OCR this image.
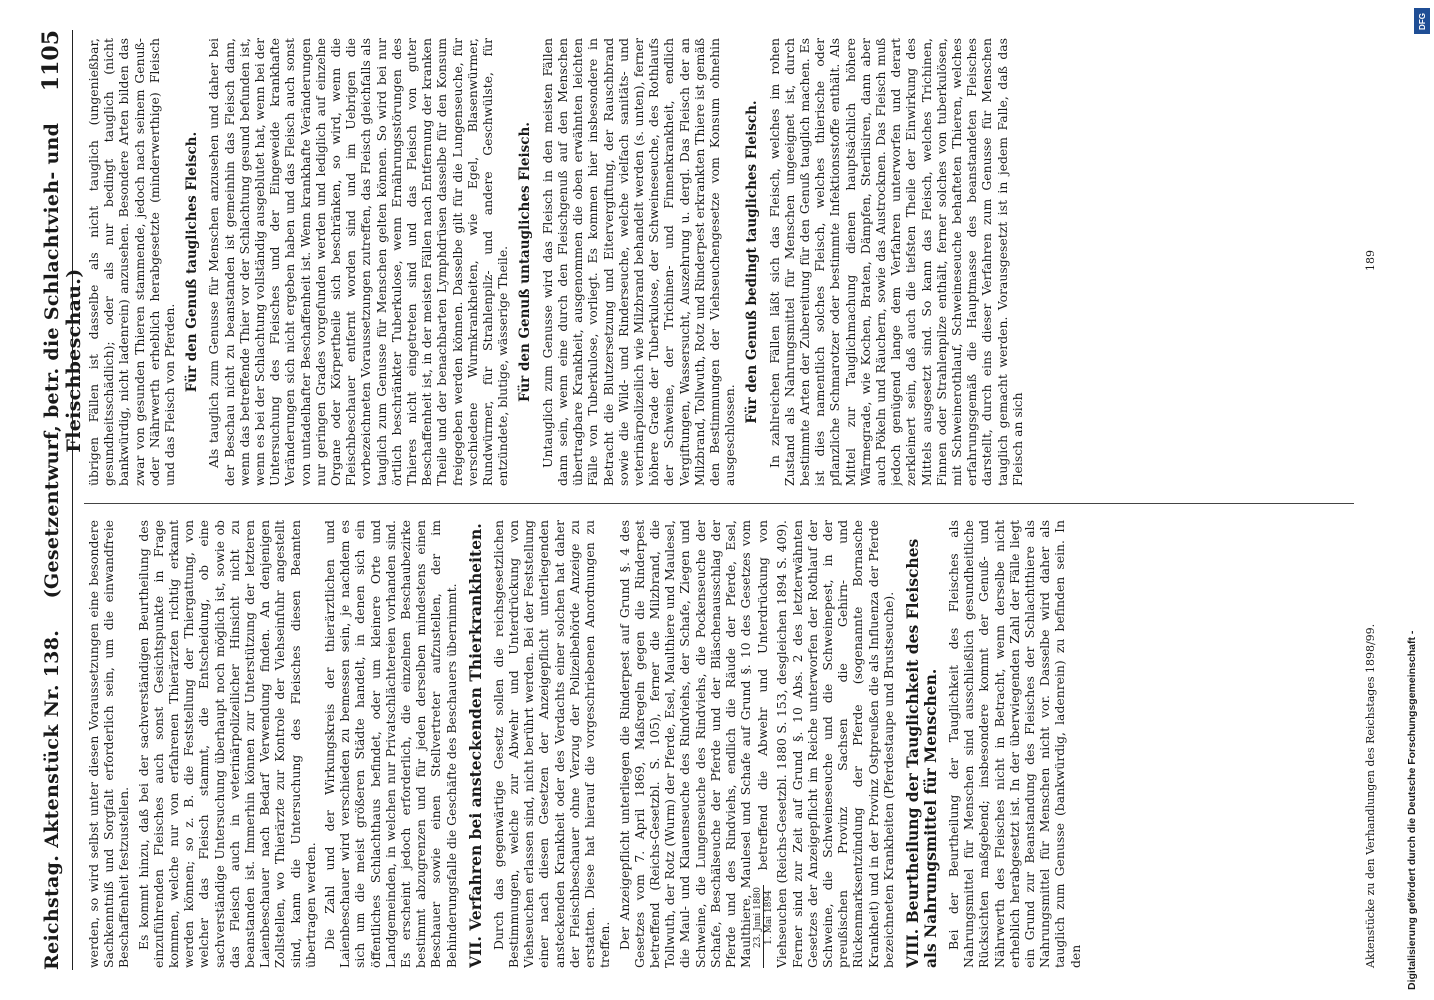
Reichstag. Aktenstück Nr. 138.
(Gesetzentwurf, betr. die Schlachtvieh- und Fleischbeschau.)
1105

werden, so wird selbst unter diesen Voraussetzungen eine besondere Sachkenntniß und Sorgfalt erforderlich sein, um die einwandfreie Beschaffenheit festzustellen. Es kommt hinzu, daß bei der sachverständigen Beurtheilung des einzuführenden Fleisches auch sonst Gesichtspunkte in Frage kommen, welche nur von erfahrenen Thierärzten richtig erkannt werden können; so z. B. die Feststellung der Thiergattung, von welcher das Fleisch stammt, die Entscheidung, ob eine sachverständige Untersuchung überhaupt noch möglich ist, sowie ob das Fleisch auch in veterinärpolizeilicher Hinsicht nicht zu beanstanden ist. Immerhin können zur Unterstützung der letzteren Laienbeschauer nach Bedarf Verwendung finden. An denjenigen Zollstellen, wo Thierärzte zur Kontrole der Viehseinfuhr angestellt sind, kann die Untersuchung des Fleisches diesen Beamten übertragen werden. Die Zahl und der Wirkungskreis der thierärztlichen und Laienbeschauer wird verschieden zu bemessen sein, je nachdem es sich um die meist größeren Städte handelt, in denen sich ein öffentliches Schlachthaus befindet, oder um kleinere Orte und Landgemeinden, in welchen nur Privatschlächtereien vorhanden sind. Es erscheint jedoch erforderlich, die einzelnen Beschaubezirke bestimmt abzugrenzen und für jeden derselben mindestens einen Beschauer sowie einen Stellvertreter aufzustellen, der im Behinderungsfalle die Geschäfte des Beschauers übernimmt. VII. Verfahren bei ansteckenden Thierkrankheiten. Durch das gegenwärtige Gesetz sollen die reichsgesetzlichen Bestimmungen, welche zur Abwehr und Unterdrückung von Viehseuchen erlassen sind, nicht berührt werden. Bei der Feststellung einer nach diesen Gesetzen der Anzeigepflicht unterliegenden ansteckenden Krankheit oder des Verdachts einer solchen hat daher der Fleischbeschauer ohne Verzug der Polizeibehörde Anzeige zu erstatten. Diese hat hierauf die vorgeschriebenen Anordnungen zu treffen. Der Anzeigepflicht unterliegen die Rinderpest auf Grund §. 4 des Gesetzes vom 7. April 1869, Maßregeln gegen die Rinderpest betreffend (Reichs-Gesetzbl. S. 105), ferner die Milzbrand, die Tollwuth, der Rotz (Wurm) der Pferde, Esel, Maulthiere und Maulesel, die Maul- und Klauenseuche des Rindviehs, der Schafe, Ziegen und Schweine, die Lungenseuche des Rindviehs, die Pockenseuche der Schafe, Beschälseuche der Pferde und der Bläschenausschlag der Pferde und des Rindviehs, endlich die Räude der Pferde, Esel, Maulthiere, Maulesel und Schafe auf Grund §. 10 des Gesetzes vom 23. Juni 1880 1. Mai 1894
betreffend die Abwehr und Unterdrückung von Viehseuchen (Reichs-Gesetzbl. 1880 S. 153, desgleichen 1894 S. 409). Ferner sind zur Zeit auf Grund §. 10 Abs. 2 des letzterwähnten Gesetzes der Anzeigepflicht im Reiche unterworfen der Rothlauf der Schweine, die Schweineseuche und die Schweinepest, in der preußischen Provinz Sachsen die Gehirn- und Rückenmarksentzündung der Pferde (sogenannte Bornasche Krankheit) und in der Provinz Ostpreußen die als Influenza der Pferde bezeichneten Krankheiten (Pferdestaupe und Brustseuche). VIII. Beurtheilung der Tauglichkeit des Fleisches als Nahrungsmittel für Menschen. Bei der Beurtheilung der Tauglichkeit des Fleisches als Nahrungsmittel für Menschen sind ausschließlich gesundheitliche Rücksichten maßgebend; insbesondere kommt der Genuß- und Nährwerth des Fleisches nicht in Betracht, wenn derselbe nicht erheblich herabgesetzt ist. In der überwiegenden Zahl der Fälle liegt ein Grund zur Beanstandung des Fleisches der Schlachtthiere als Nahrungsmittel für Menschen nicht vor. Dasselbe wird daher als tauglich zum Genusse (bankwürdig, ladenrein) zu befinden sein. In den

übrigen Fällen ist dasselbe als nicht tauglich (ungenießbar, gesundheitsschädlich); oder als nur bedingt tauglich (nicht bankwürdig, nicht ladenrein) anzusehen. Besondere Arten bilden das zwar von gesunden Thieren stammende, jedoch nach seinem Genuß- oder Nährwerth erheblich herabgesetzte (minderwerthige) Fleisch und das Fleisch von Pferden.

Für den Genuß taugliches Fleisch. Als tauglich zum Genusse für Menschen anzusehen und daher bei der Beschau nicht zu beanstanden ist gemeinhin das Fleisch dann, wenn das betreffende Thier vor der Schlachtung gesund befunden ist, wenn es bei der Schlachtung vollständig ausgeblutet hat, wenn bei der Untersuchung des Fleisches und der Eingeweide krankhafte Veränderungen sich nicht ergeben haben und das Fleisch auch sonst von untadelhafter Beschaffenheit ist. Wenn krankhafte Veränderungen nur geringen Grades vorgefunden werden und lediglich auf einzelne Organe oder Körpertheile sich beschränken, so wird, wenn die Fleischbeschauer entfernt worden sind und im Uebrigen die vorbezeichneten Voraussetzungen zutreffen, das Fleisch gleichfalls als tauglich zum Genusse für Menschen gelten können. So wird bei nur örtlich beschränkter Tuberkulose, wenn Ernährungsstörungen des Thieres nicht eingetreten sind und das Fleisch von guter Beschaffenheit ist, in der meisten Fällen nach Entfernung der kranken Theile und der benachbarten Lymphdrüsen dasselbe für den Konsum freigegeben werden können. Dasselbe gilt für die Lungenseuche, für verschiedene Wurmkrankheiten, wie Egel, Blasenwürmer, Rundwürmer, für Strahlenpilz- und andere Geschwülste, für entzündete, blutige, wässerige Theile. Für den Genuß untaugliches Fleisch. Untauglich zum Genusse wird das Fleisch in den meisten Fällen dann sein, wenn eine durch den Fleischgenuß auf den Menschen übertragbare Krankheit, ausgenommen die oben erwähnten leichten Fälle von Tuberkulose, vorliegt. Es kommen hier insbesondere in Betracht die Blutzersetzung und Eitervergiftung, der Rauschbrand sowie die Wild- und Rinderseuche, welche vielfach sanitäts- und veterinärpolizeilich wie Milzbrand behandelt werden (s. unten), ferner höhere Grade der Tuberkulose, der Schweineseuche, des Rothlaufs der Schweine, der Trichinen- und Finnenkrankheit, endlich Vergiftungen, Wassersucht, Auszehrung u. dergl. Das Fleisch der an Milzbrand, Tollwuth, Rotz und Rinderpest erkrankten Thiere ist gemäß den Bestimmungen der Viehseuchengesetze vom Konsum ohnehin ausgeschlossen.

Für den Genuß bedingt taugliches Fleisch. In zahlreichen Fällen läßt sich das Fleisch, welches im rohen Zustand als Nahrungsmittel für Menschen ungeeignet ist, durch bestimmte Arten der Zubereitung für den Genuß tauglich machen. Es ist dies namentlich solches Fleisch, welches thierische oder pflanzliche Schmarotzer oder bestimmte Infektionsstoffe enthält. Als Mittel zur Tauglichmachung dienen hauptsächlich höhere Wärmegrade, wie Kochen, Braten, Dämpfen, Sterilisiren, dann aber auch Pökeln und Räuchern, sowie das Austrocknen. Das Fleisch muß jedoch genügend lange dem Verfahren unterworfen und derart zerkleinert sein, daß auch die tiefsten Theile der Einwirkung des Mittels ausgesetzt sind. So kann das Fleisch, welches Trichinen, Finnen oder Strahlenpilze enthält, ferner solches von tuberkulösen, mit Schweinerothlauf, Schweineseuche behafteten Thieren, welches erfahrungsgemäß die Hauptmasse des beanstandeten Fleisches darstellt, durch eins dieser Verfahren zum Genusse für Menschen tauglich gemacht werden. Vorausgesetzt ist in jedem Falle, daß das Fleisch an sich

Aktenstücke zu den Verhandlungen des Reichstages 1898/99.
189
Digitalisierung gefördert durch die Deutsche Forschungsgemeinschaft -
DFG
